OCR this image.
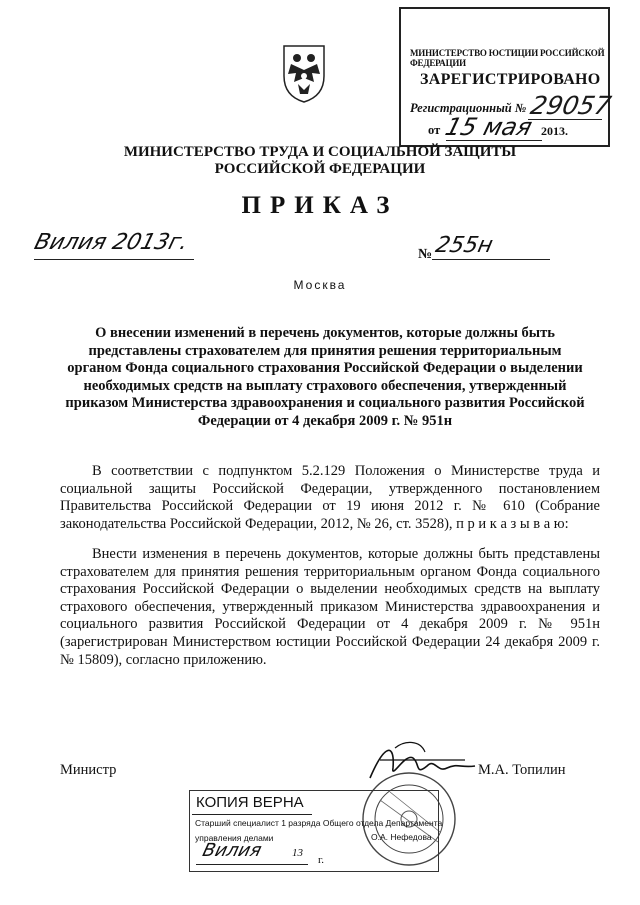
МИНИСТЕРСТВО ЮСТИЦИИ РОССИЙСКОЙ ФЕДЕРАЦИИ
ЗАРЕГИСТРИРОВАНО
Регистрационный № 29057
от 15 мая 2013.
МИНИСТЕРСТВО ТРУДА И СОЦИАЛЬНОЙ ЗАЩИТЫ
РОССИЙСКОЙ ФЕДЕРАЦИИ
ПРИКАЗ
Вилия 2013г.	№ 255н
Москва
О внесении изменений в перечень документов, которые должны быть представлены страхователем для принятия решения территориальным органом Фонда социального страхования Российской Федерации о выделении необходимых средств на выплату страхового обеспечения, утвержденный приказом Министерства здравоохранения и социального развития Российской Федерации от 4 декабря 2009 г. № 951н
В соответствии с подпунктом 5.2.129 Положения о Министерстве труда и социальной защиты Российской Федерации, утвержденного постановлением Правительства Российской Федерации от 19 июня 2012 г. № 610 (Собрание законодательства Российской Федерации, 2012, № 26, ст. 3528), п р и к а з ы в а ю:
Внести изменения в перечень документов, которые должны быть представлены страхователем для принятия решения территориальным органом Фонда социального страхования Российской Федерации о выделении необходимых средств на выплату страхового обеспечения, утвержденный приказом Министерства здравоохранения и социального развития Российской Федерации от 4 декабря 2009 г. № 951н (зарегистрирован Министерством юстиции Российской Федерации 24 декабря 2009 г. № 15809), согласно приложению.
Министр	М.А. Топилин
КОПИЯ ВЕРНА
Старший специалист 1 разряда Общего отдела Департамента
управления делами	О.А. Нефедова
Вилия	13
г.
